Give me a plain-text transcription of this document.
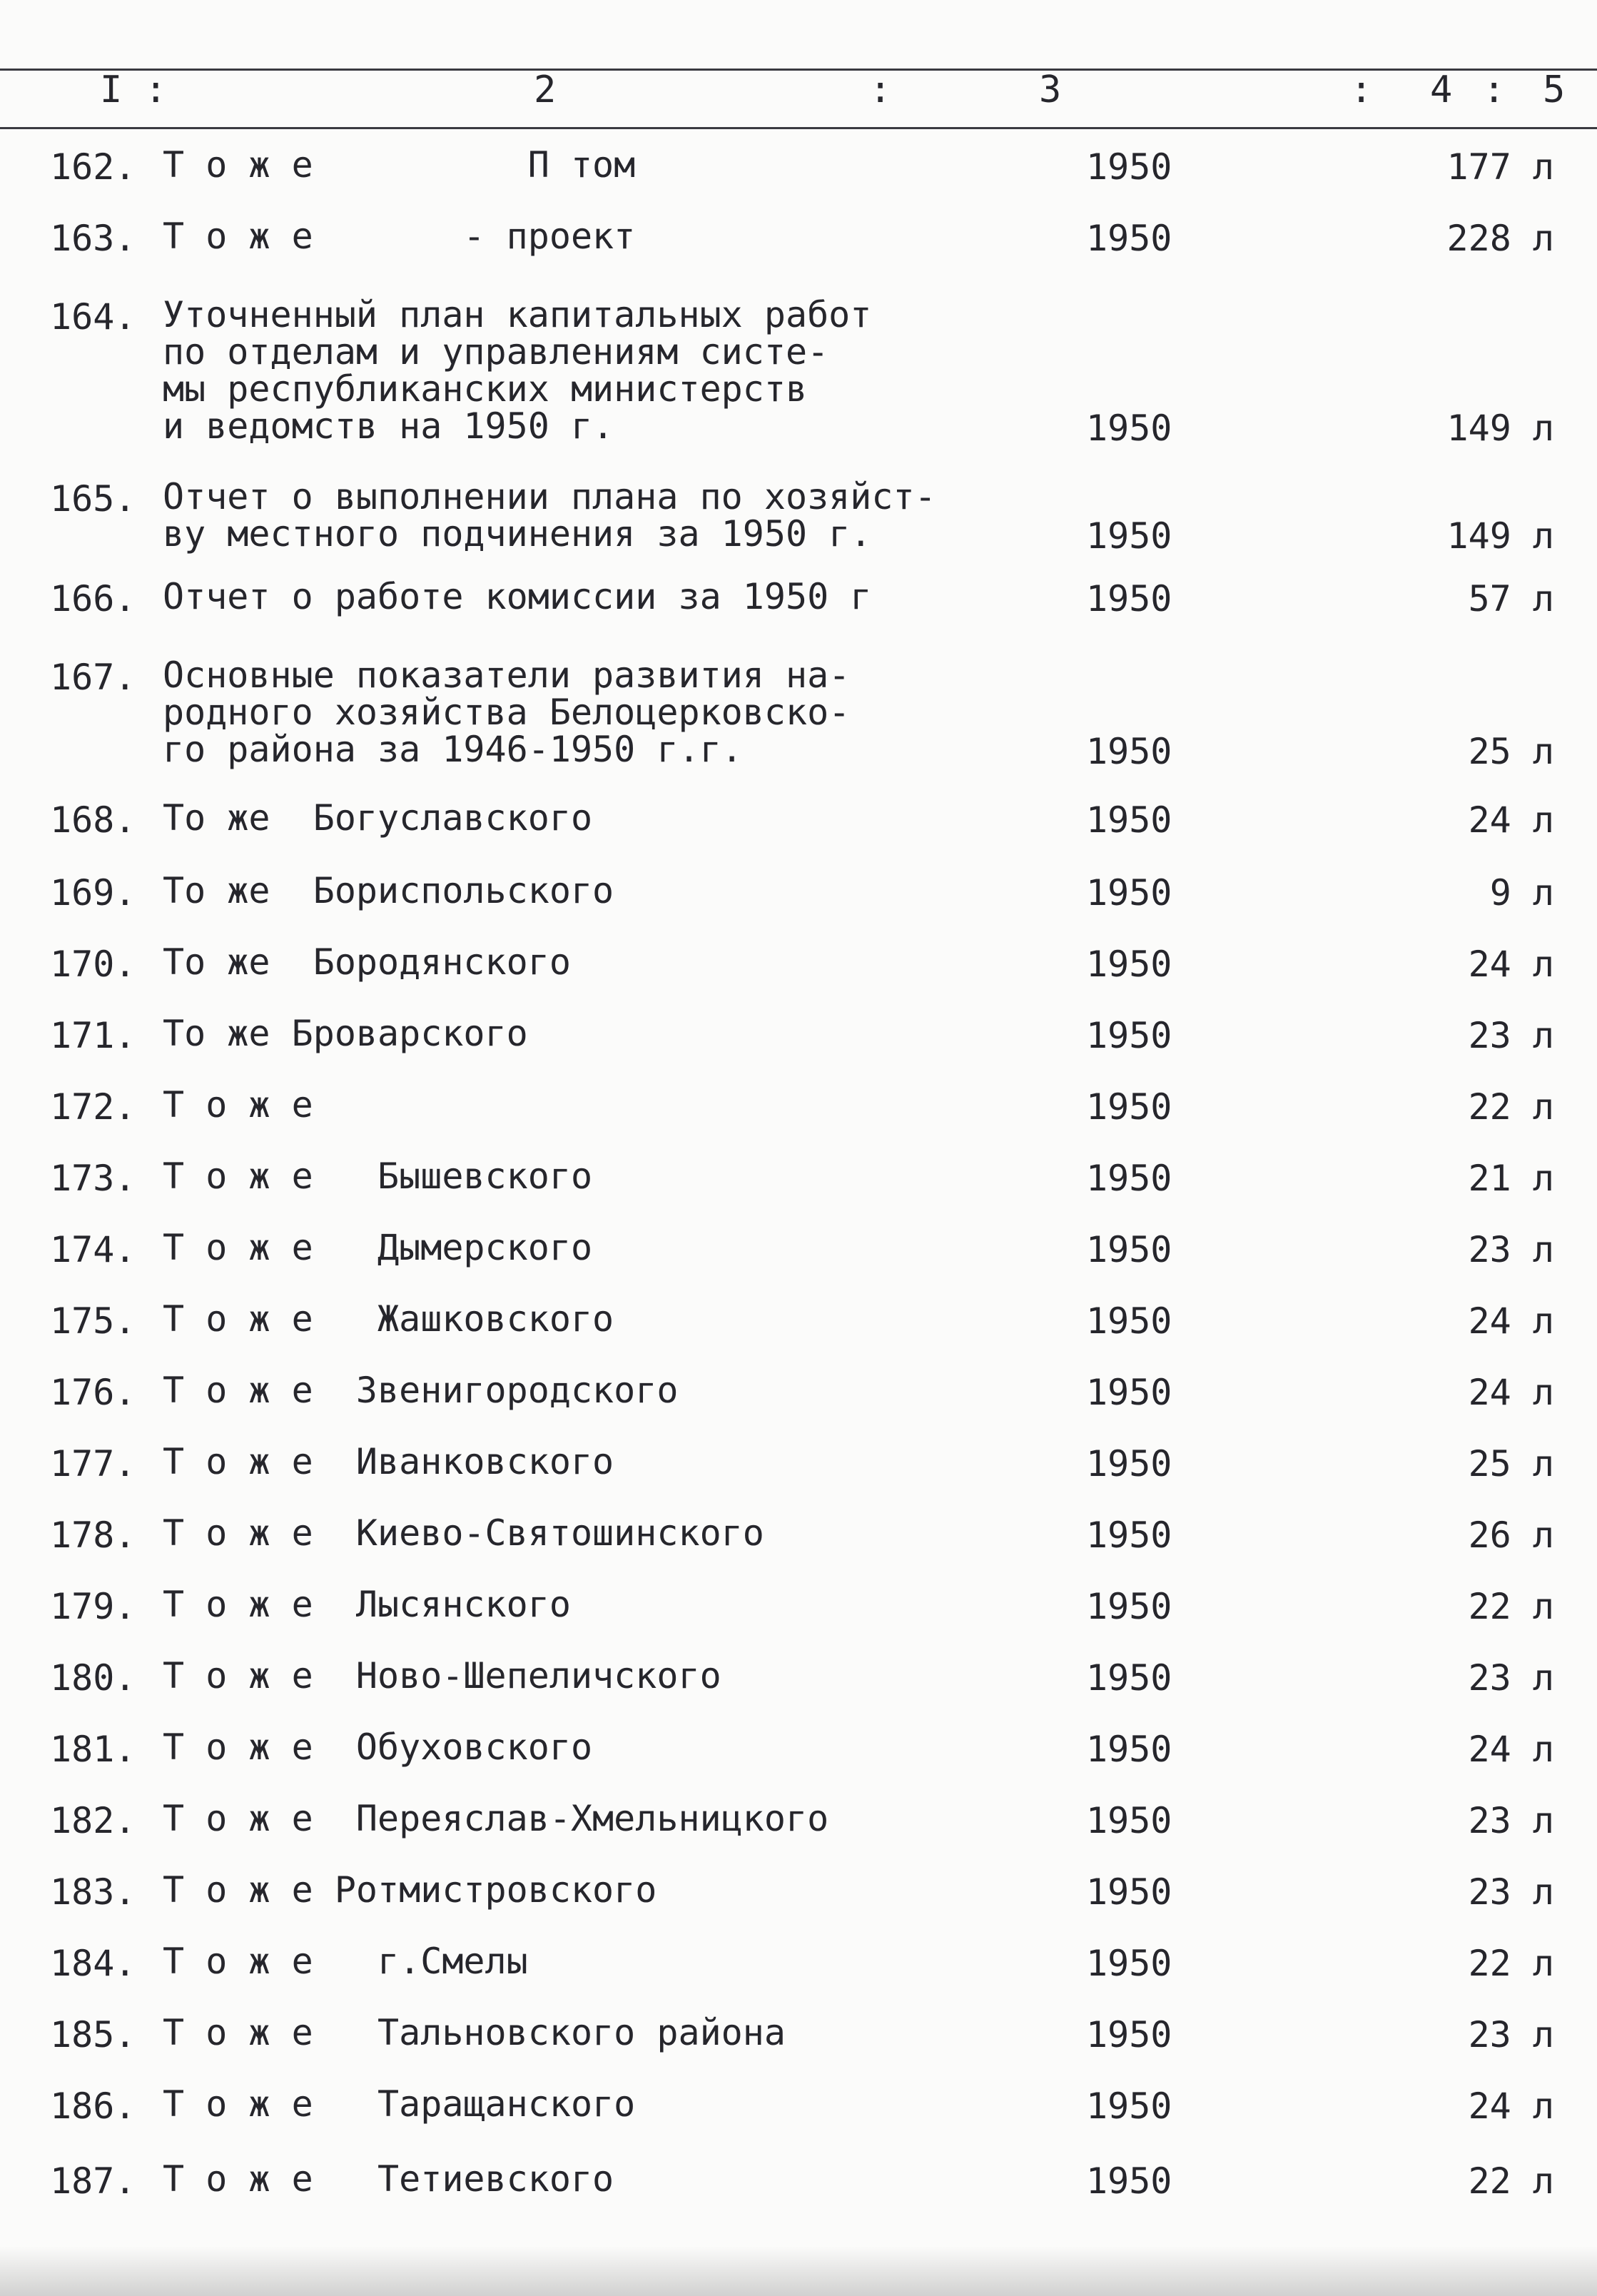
I :	2	:	3	: 4 : 5
162. Т о ж е          П том	1950	177 л
163. Т о ж е       - проект	1950	228 л
164. Уточненный план капитальных работ
по отделам и управлениям систе-
мы республиканских министерств
и ведомств на 1950 г.	1950	149 л
165. Отчет о выполнении плана по хозяйст-
ву местного подчинения за 1950 г.	1950	149 л
166. Отчет о работе комиссии за 1950 г	1950	57 л
167. Основные показатели развития на-
родного хозяйства Белоцерковско-
го района за 1946-1950 г.г.	1950	25 л
168. То же  Богуславского	1950	24 л
169. То же  Бориспольского	1950	9 л
170. То же  Бородянского	1950	24 л
171. То же Броварского	1950	23 л
172. Т о ж е	1950	22 л
173. Т о ж е   Бышевского	1950	21 л
174. Т о ж е   Дымерского	1950	23 л
175. Т о ж е   Жашковского	1950	24 л
176. Т о ж е  Звенигородского	1950	24 л
177. Т о ж е  Иванковского	1950	25 л
178. Т о ж е  Киево-Святошинского	1950	26 л
179. Т о ж е  Лысянского	1950	22 л
180. Т о ж е  Ново-Шепеличского	1950	23 л
181. Т о ж е  Обуховского	1950	24 л
182. Т о ж е  Переяслав-Хмельницкого	1950	23 л
183. Т о ж е Ротмистровского	1950	23 л
184. Т о ж е   г.Смелы	1950	22 л
185. Т о ж е   Тальновского района	1950	23 л
186. Т о ж е   Таращанского	1950	24 л
187. Т о ж е   Тетиевского	1950	22 л
